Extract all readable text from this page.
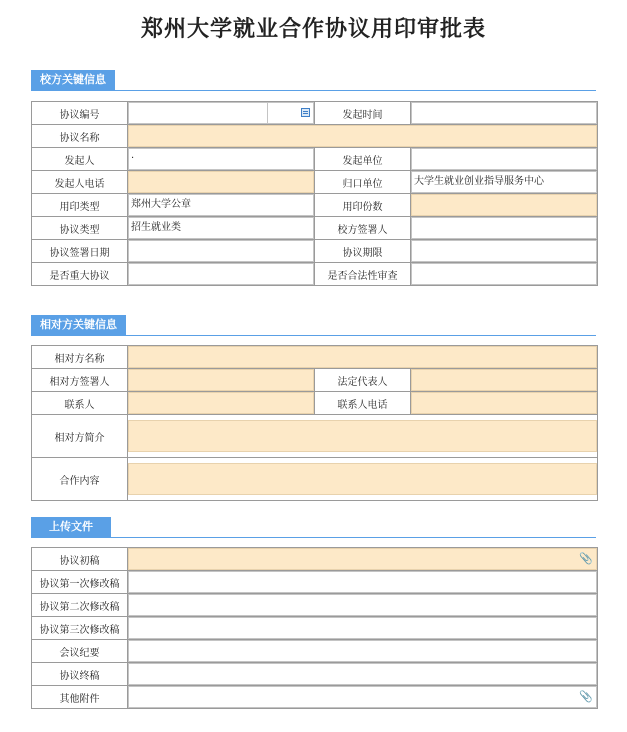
郑州大学就业合作协议用印审批表
校方关键信息
协议编号		发起时间	

协议名称			

发起人	·	发起单位	

发起人电话		归口单位	大学生就业创业指导服务中心

用印类型	郑州大学公章	用印份数	

协议类型	招生就业类	校方签署人	

协议签署日期		协议期限	

是否重大协议		是否合法性审查	
相对方关键信息
相对方名称			

相对方签署人		法定代表人	

联系人		联系人电话	

相对方简介			

合作内容			
上传文件
协议初稿	📎

协议第一次修改稿	

协议第二次修改稿	

协议第三次修改稿	

会议纪要	

协议终稿	

其他附件	📎
